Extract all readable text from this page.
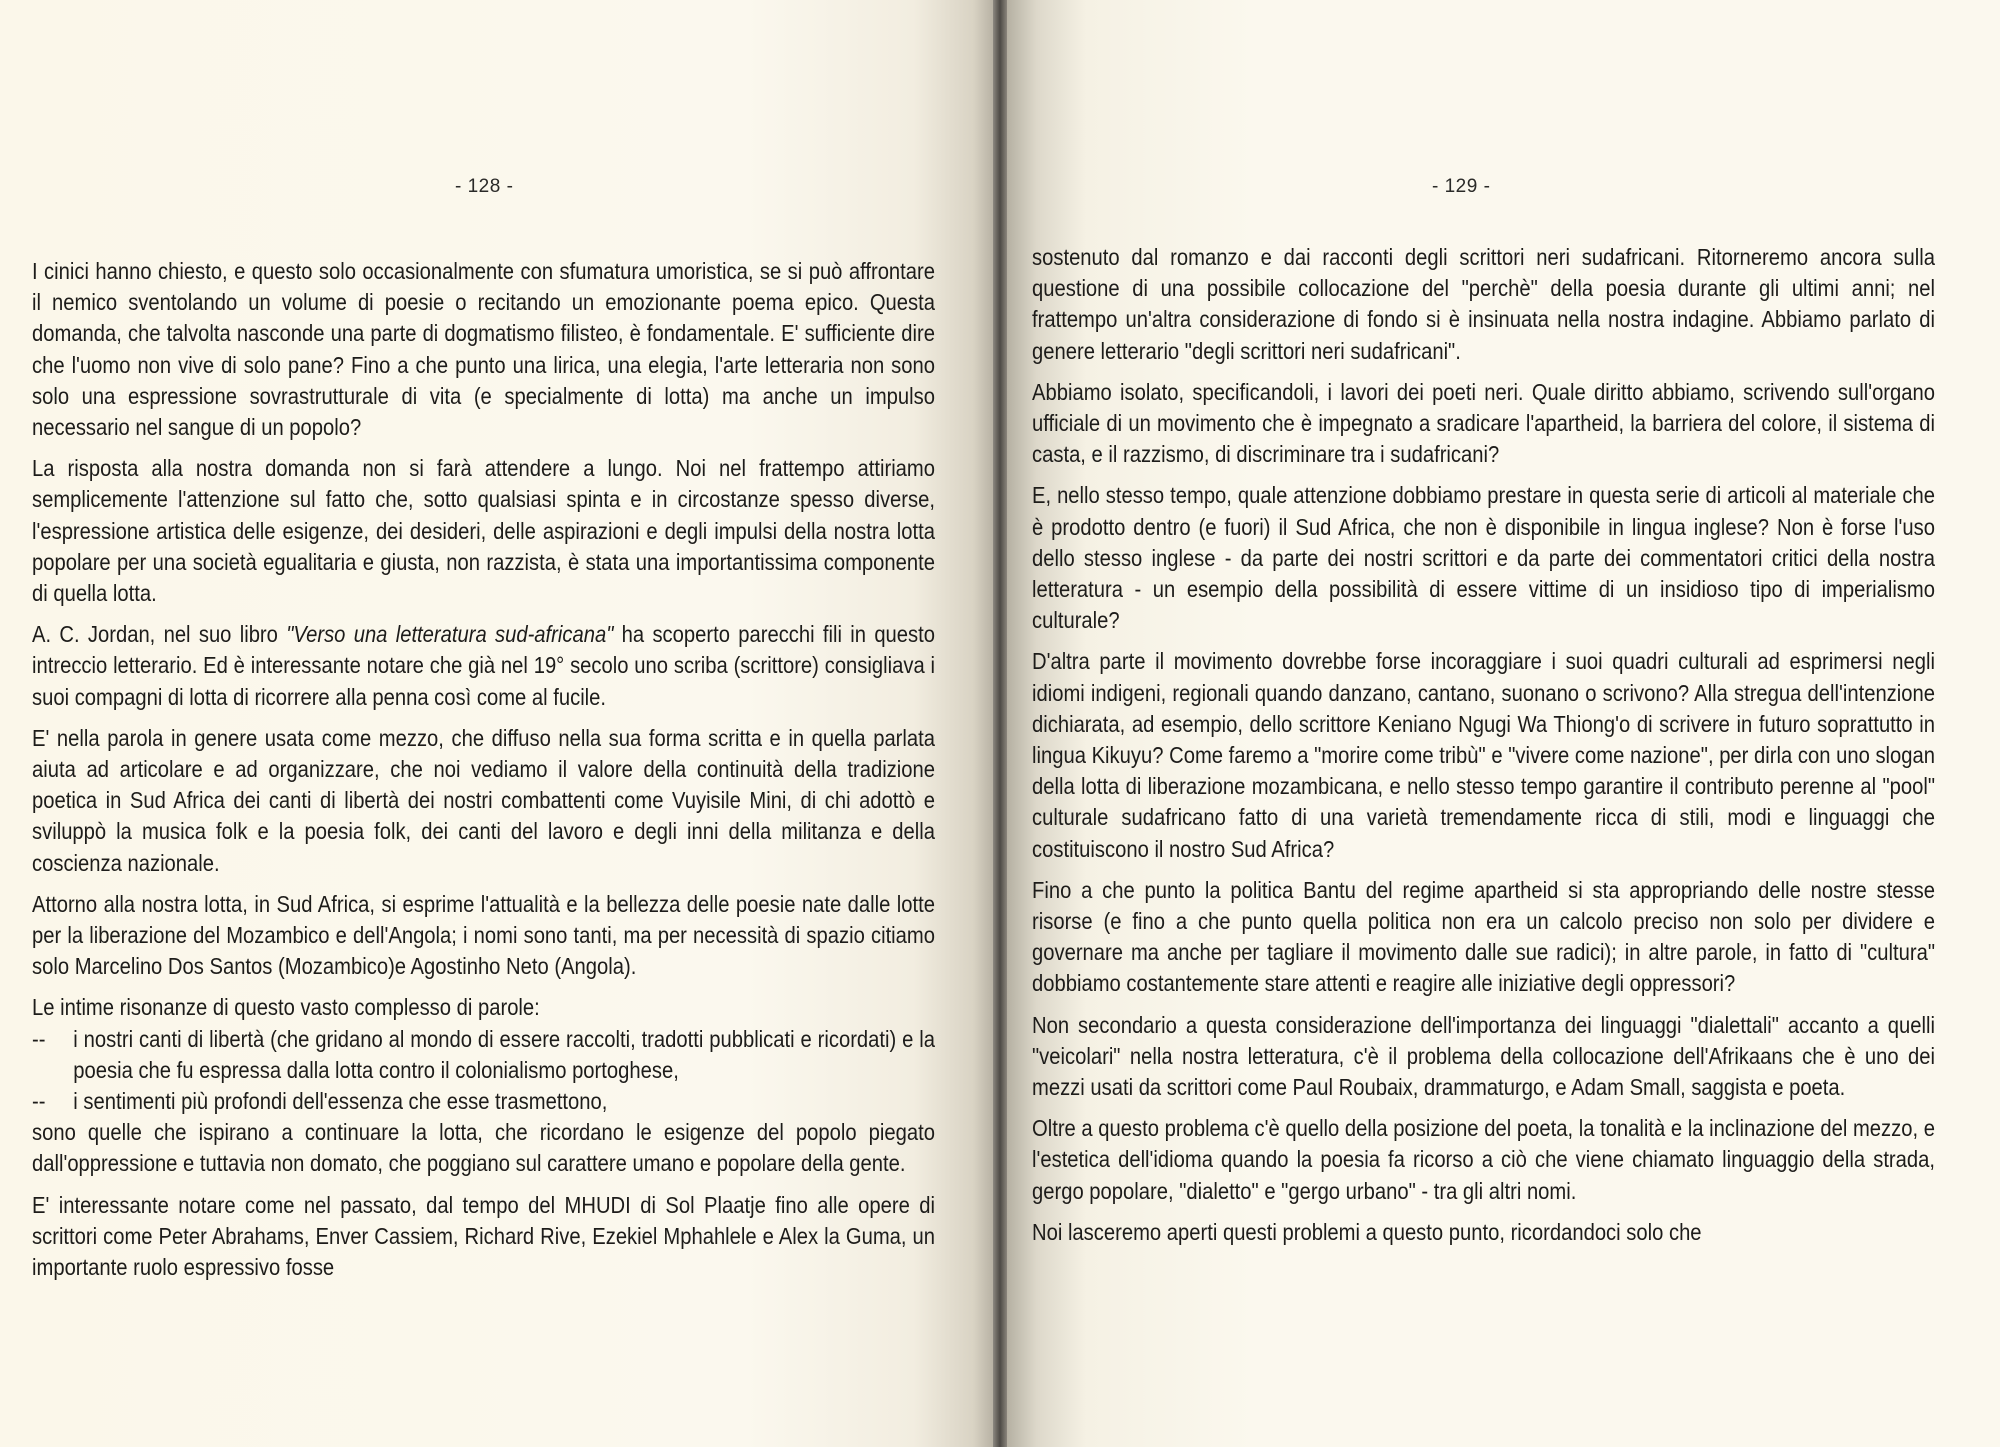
- 128 -

I cinici hanno chiesto, e questo solo occasionalmente con sfumatura umoristica, se si può affrontare il nemico sventolando un volume di poesie o recitando un emozionante poema epico. Questa domanda, che talvolta nasconde una parte di dogmatismo filisteo, è fondamentale. E' sufficiente dire che l'uomo non vive di solo pane? Fino a che punto una lirica, una elegia, l'arte letteraria non sono solo una espressione sovrastrutturale di vita (e specialmente di lotta) ma anche un impulso necessario nel sangue di un popolo?

La risposta alla nostra domanda non si farà attendere a lungo. Noi nel frattempo attiriamo semplicemente l'attenzione sul fatto che, sotto qualsiasi spinta e in circostanze spesso diverse, l'espressione artistica delle esigenze, dei desideri, delle aspirazioni e degli impulsi della nostra lotta popolare per una società egualitaria e giusta, non razzista, è stata una importantissima componente di quella lotta.

A. C. Jordan, nel suo libro "Verso una letteratura sud-africana" ha scoperto parecchi fili in questo intreccio letterario. Ed è interessante notare che già nel 19° secolo uno scriba (scrittore) consigliava i suoi compagni di lotta di ricorrere alla penna così come al fucile.

E' nella parola in genere usata come mezzo, che diffuso nella sua forma scritta e in quella parlata aiuta ad articolare e ad organizzare, che noi vediamo il valore della continuità della tradizione poetica in Sud Africa dei canti di libertà dei nostri combattenti come Vuyisile Mini, di chi adottò e sviluppò la musica folk e la poesia folk, dei canti del lavoro e degli inni della militanza e della coscienza nazionale.

Attorno alla nostra lotta, in Sud Africa, si esprime l'attualità e la bellezza delle poesie nate dalle lotte per la liberazione del Mozambico e dell'Angola; i nomi sono tanti, ma per necessità di spazio citiamo solo Marcelino Dos Santos (Mozambico)e Agostinho Neto (Angola).

Le intime risonanze di questo vasto complesso di parole:

--	i nostri canti di libertà (che gridano al mondo di essere raccolti, tradotti pubblicati e ricordati) e la poesia che fu espressa dalla lotta contro il colonialismo portoghese,
--	i sentimenti più profondi dell'essenza che esse trasmettono,

sono quelle che ispirano a continuare la lotta, che ricordano le esigenze del popolo piegato dall'oppressione e tuttavia non domato, che poggiano sul carattere umano e popolare della gente.

E' interessante notare come nel passato, dal tempo del MHUDI di Sol Plaatje fino alle opere di scrittori come Peter Abrahams, Enver Cassiem, Richard Rive, Ezekiel Mphahlele e Alex la Guma, un importante ruolo espressivo fosse

- 129 -

sostenuto dal romanzo e dai racconti degli scrittori neri sudafricani. Ritorneremo ancora sulla questione di una possibile collocazione del "perchè" della poesia durante gli ultimi anni; nel frattempo un'altra considerazione di fondo si è insinuata nella nostra indagine. Abbiamo parlato di genere letterario "degli scrittori neri sudafricani".

Abbiamo isolato, specificandoli, i lavori dei poeti neri. Quale diritto abbiamo, scrivendo sull'organo ufficiale di un movimento che è impegnato a sradicare l'apartheid, la barriera del colore, il sistema di casta, e il razzismo, di discriminare tra i sudafricani?

E, nello stesso tempo, quale attenzione dobbiamo prestare in questa serie di articoli al materiale che è prodotto dentro (e fuori) il Sud Africa, che non è disponibile in lingua inglese? Non è forse l'uso dello stesso inglese - da parte dei nostri scrittori e da parte dei commentatori critici della nostra letteratura - un esempio della possibilità di essere vittime di un insidioso tipo di imperialismo culturale?

D'altra parte il movimento dovrebbe forse incoraggiare i suoi quadri culturali ad esprimersi negli idiomi indigeni, regionali quando danzano, cantano, suonano o scrivono? Alla stregua dell'intenzione dichiarata, ad esempio, dello scrittore Keniano Ngugi Wa Thiong'o di scrivere in futuro soprattutto in lingua Kikuyu? Come faremo a "morire come tribù" e "vivere come nazione", per dirla con uno slogan della lotta di liberazione mozambicana, e nello stesso tempo garantire il contributo perenne al "pool" culturale sudafricano fatto di una varietà tremendamente ricca di stili, modi e linguaggi che costituiscono il nostro Sud Africa?

Fino a che punto la politica Bantu del regime apartheid si sta appropriando delle nostre stesse risorse (e fino a che punto quella politica non era un calcolo preciso non solo per dividere e governare ma anche per tagliare il movimento dalle sue radici); in altre parole, in fatto di "cultura" dobbiamo costantemente stare attenti e reagire alle iniziative degli oppressori?

Non secondario a questa considerazione dell'importanza dei linguaggi "dialettali" accanto a quelli "veicolari" nella nostra letteratura, c'è il problema della collocazione dell'Afrikaans che è uno dei mezzi usati da scrittori come Paul Roubaix, drammaturgo, e Adam Small, saggista e poeta.

Oltre a questo problema c'è quello della posizione del poeta, la tonalità e la inclinazione del mezzo, e l'estetica dell'idioma quando la poesia fa ricorso a ciò che viene chiamato linguaggio della strada, gergo popolare, "dialetto" e "gergo urbano" - tra gli altri nomi.

Noi lasceremo aperti questi problemi a questo punto, ricordandoci solo che
